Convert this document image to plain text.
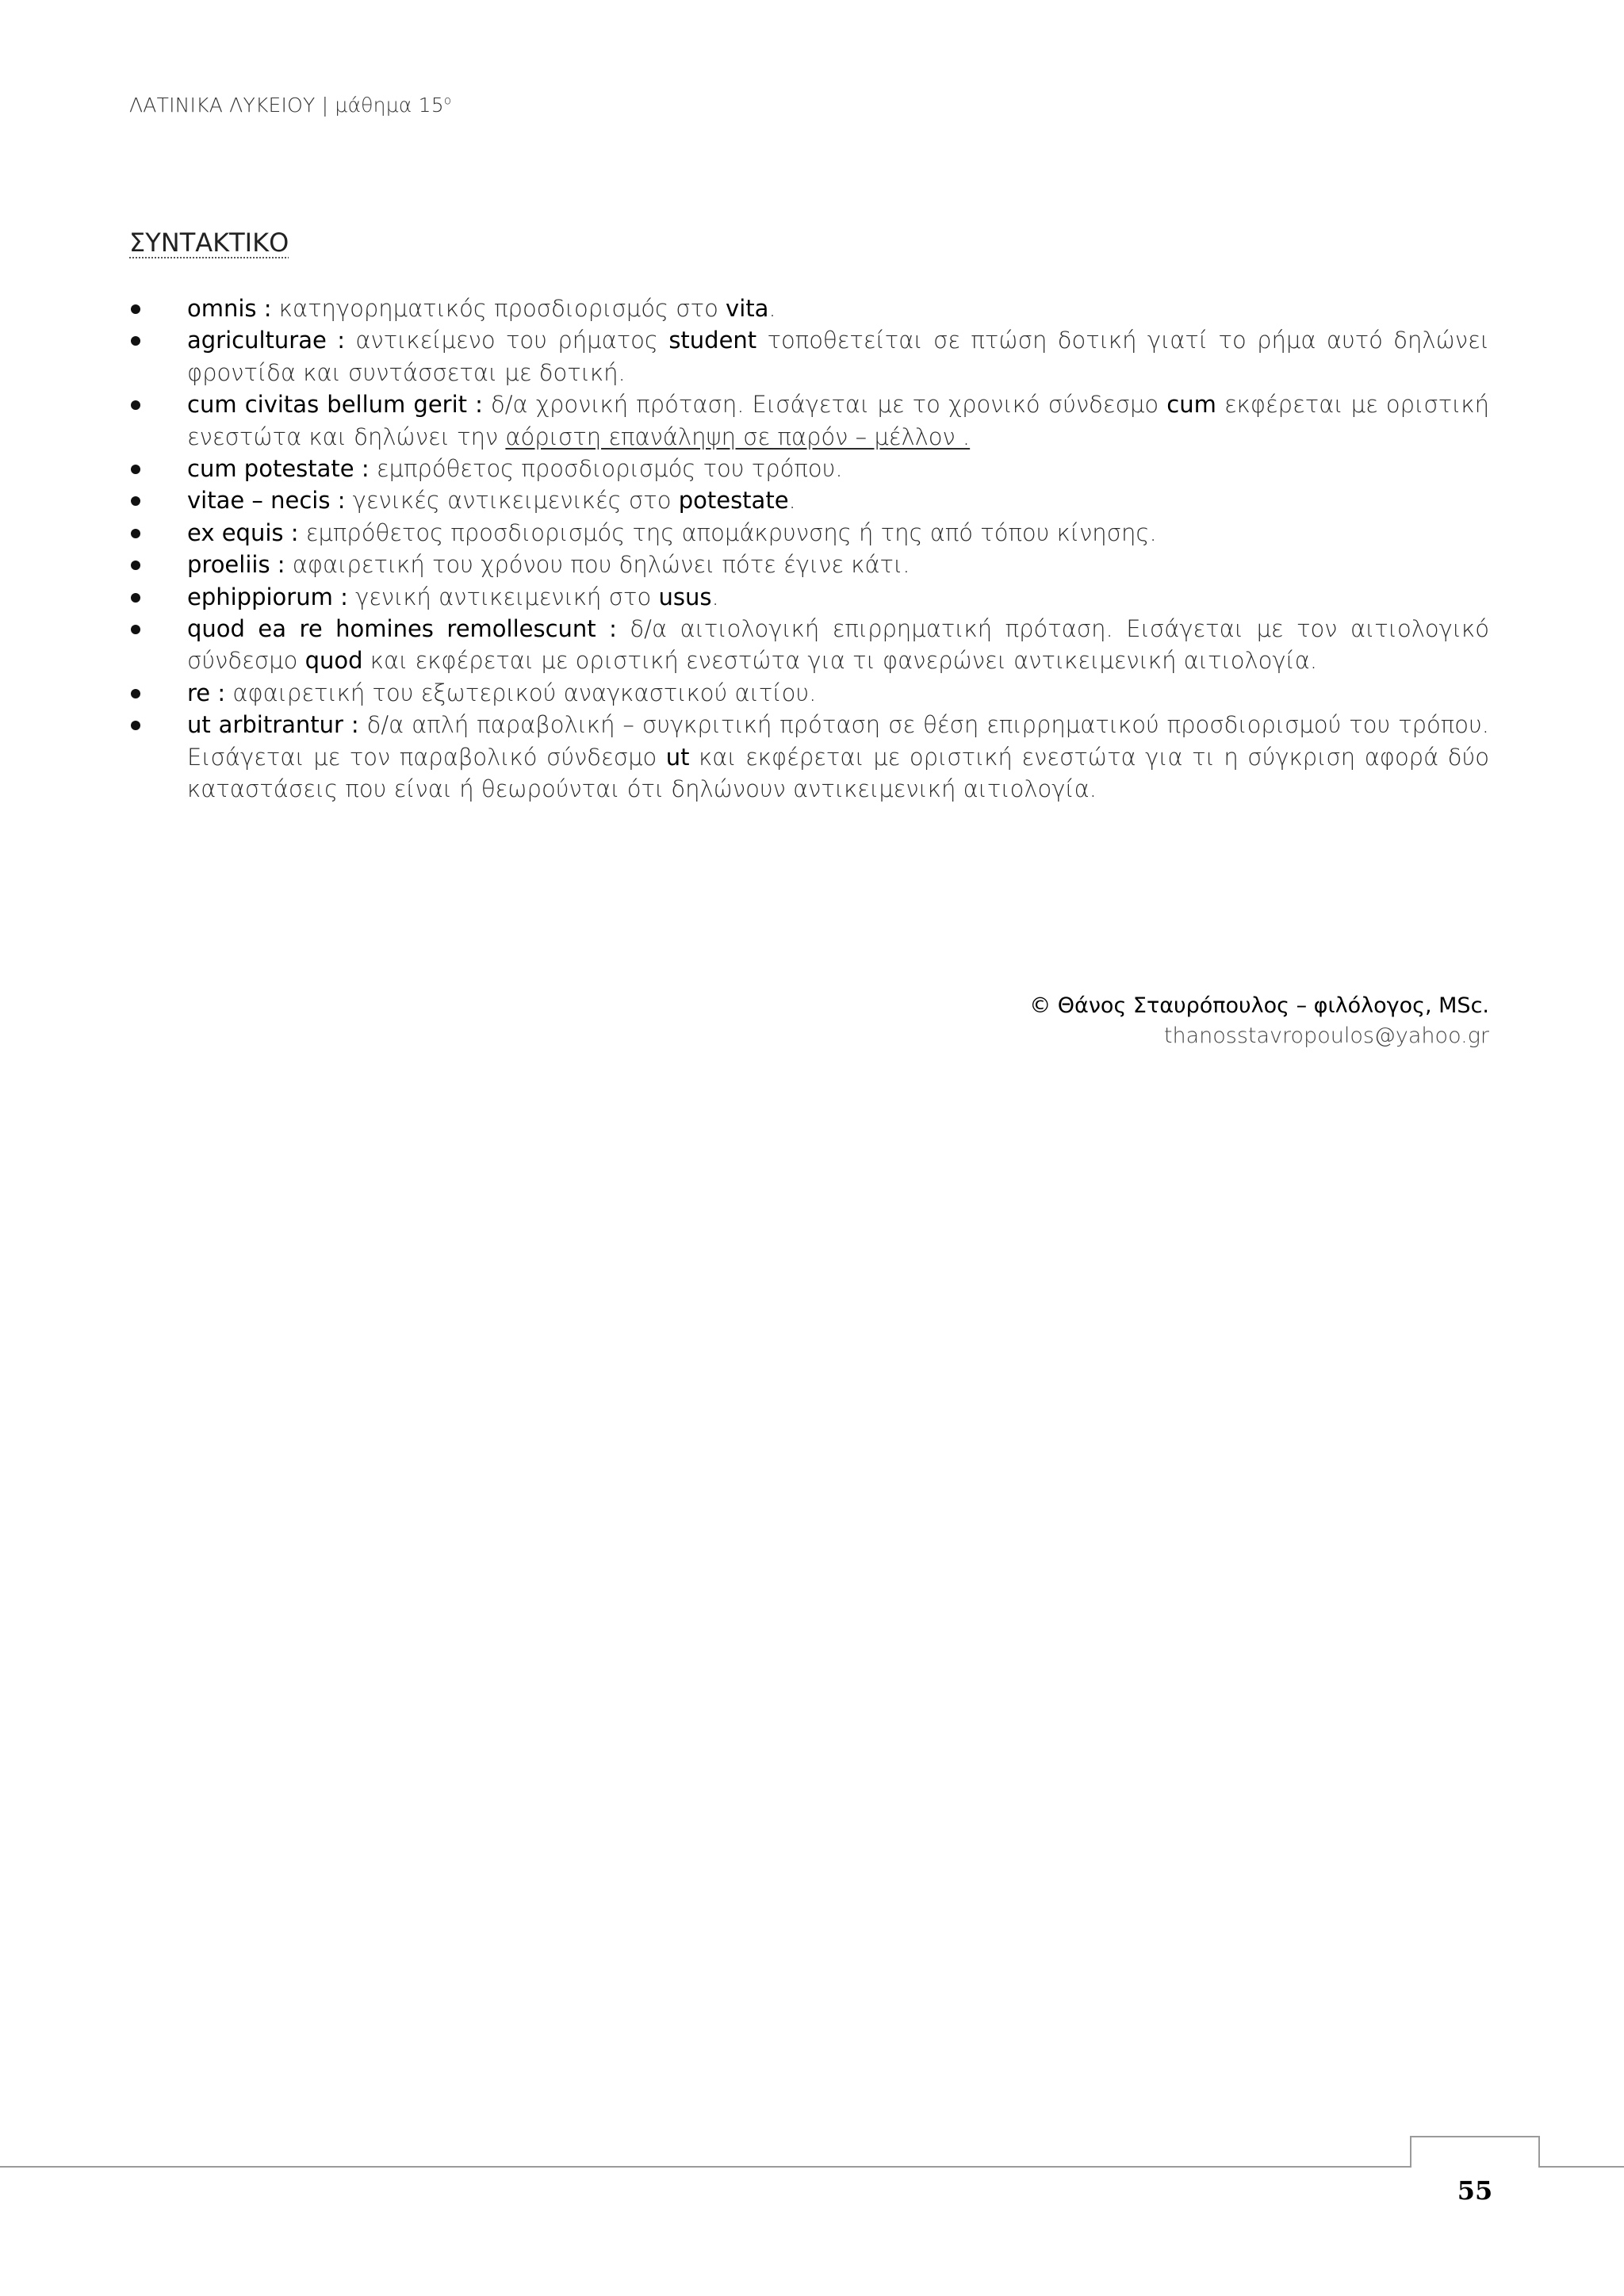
ΛΑΤΙΝΙΚΑ ΛΥΚΕΙΟΥ | μάθημα $15^o$
ΣΥΝΤΑΚΤΙΚΟ
omnis : κατηγορηματικός προσδιορισμός στο vita.
agriculturae : αντικείμενο του ρήματος student τοποθετείται σε πτώση δοτική γιατί το ρήμα αυτό δηλώνει φροντίδα και συντάσσεται με δοτική.
cum civitas bellum gerit : δ/α χρονική πρόταση. Εισάγεται με το χρονικό σύνδεσμο cum εκφέρεται με οριστική ενεστώτα και δηλώνει την αόριστη επανάληψη σε παρόν – μέλλον .
cum potestate : εμπρόθετος προσδιορισμός του τρόπου.
vitae – necis : γενικές αντικειμενικές στο potestate.
ex equis : εμπρόθετος προσδιορισμός της απομάκρυνσης ή της από τόπου κίνησης.
proeliis : αφαιρετική του χρόνου που δηλώνει πότε έγινε κάτι.
ephippiorum : γενική αντικειμενική στο usus.
quod ea re homines remollescunt : δ/α αιτιολογική επιρρηματική πρόταση. Εισάγεται με τον αιτιολογικό σύνδεσμο quod και εκφέρεται με οριστική ενεστώτα για τι φανερώνει αντικειμενική αιτιολογία.
re : αφαιρετική του εξωτερικού αναγκαστικού αιτίου.
ut arbitrantur : δ/α απλή παραβολική – συγκριτική πρόταση σε θέση επιρρηματικού προσδιορισμού του τρόπου. Εισάγεται με τον παραβολικό σύνδεσμο ut και εκφέρεται με οριστική ενεστώτα για τι η σύγκριση αφορά δύο καταστάσεις που είναι ή θεωρούνται ότι δηλώνουν αντικειμενική αιτιολογία.
© Θάνος Σταυρόπουλος – φιλόλογος, MSc.
thanosstavropoulos@yahoo.gr
55
